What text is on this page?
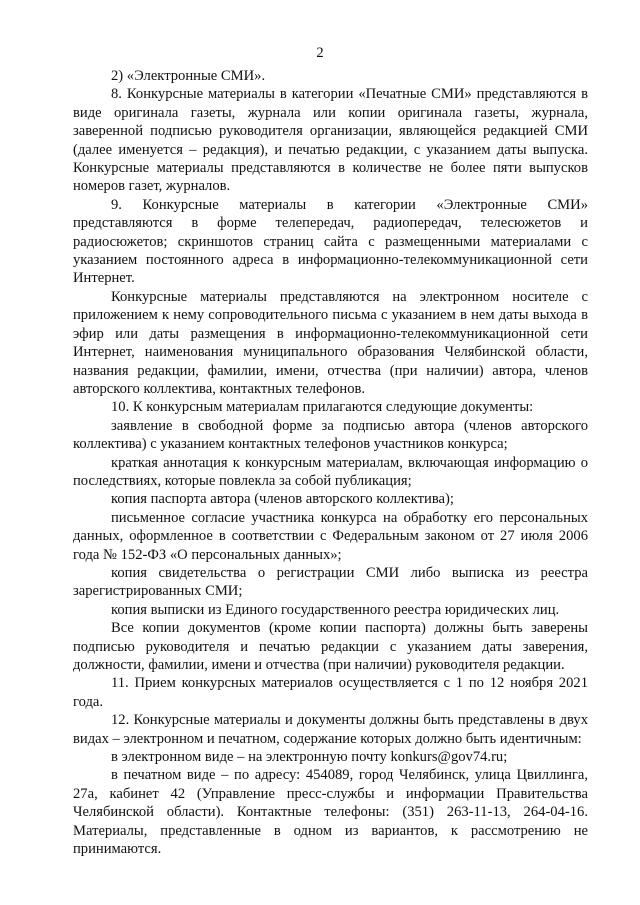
2

2) «Электронные СМИ».

8. Конкурсные материалы в категории «Печатные СМИ» представляются в виде оригинала газеты, журнала или копии оригинала газеты, журнала, заверенной подписью руководителя организации, являющейся редакцией СМИ (далее именуется – редакция), и печатью редакции, с указанием даты выпуска. Конкурсные материалы представляются в количестве не более пяти выпусков номеров газет, журналов.

9. Конкурсные материалы в категории «Электронные СМИ» представляются в форме телепередач, радиопередач, телесюжетов и радиосюжетов; скриншотов страниц сайта с размещенными материалами с указанием постоянного адреса в информационно-телекоммуникационной сети Интернет.

Конкурсные материалы представляются на электронном носителе с приложением к нему сопроводительного письма с указанием в нем даты выхода в эфир или даты размещения в информационно-телекоммуникационной сети Интернет, наименования муниципального образования Челябинской области, названия редакции, фамилии, имени, отчества (при наличии) автора, членов авторского коллектива, контактных телефонов.

10. К конкурсным материалам прилагаются следующие документы:

заявление в свободной форме за подписью автора (членов авторского коллектива) с указанием контактных телефонов участников конкурса;

краткая аннотация к конкурсным материалам, включающая информацию о последствиях, которые повлекла за собой публикация;

копия паспорта автора (членов авторского коллектива);

письменное согласие участника конкурса на обработку его персональных данных, оформленное в соответствии с Федеральным законом от 27 июля 2006 года № 152-ФЗ «О персональных данных»;

копия свидетельства о регистрации СМИ либо выписка из реестра зарегистрированных СМИ;

копия выписки из Единого государственного реестра юридических лиц.

Все копии документов (кроме копии паспорта) должны быть заверены подписью руководителя и печатью редакции с указанием даты заверения, должности, фамилии, имени и отчества (при наличии) руководителя редакции.

11. Прием конкурсных материалов осуществляется с 1 по 12 ноября 2021 года.

12. Конкурсные материалы и документы должны быть представлены в двух видах – электронном и печатном, содержание которых должно быть идентичным:

в электронном виде – на электронную почту konkurs@gov74.ru;

в печатном виде – по адресу: 454089, город Челябинск, улица Цвиллинга, 27а, кабинет 42 (Управление пресс-службы и информации Правительства Челябинской области). Контактные телефоны: (351) 263-11-13, 264-04-16. Материалы, представленные в одном из вариантов, к рассмотрению не принимаются.
